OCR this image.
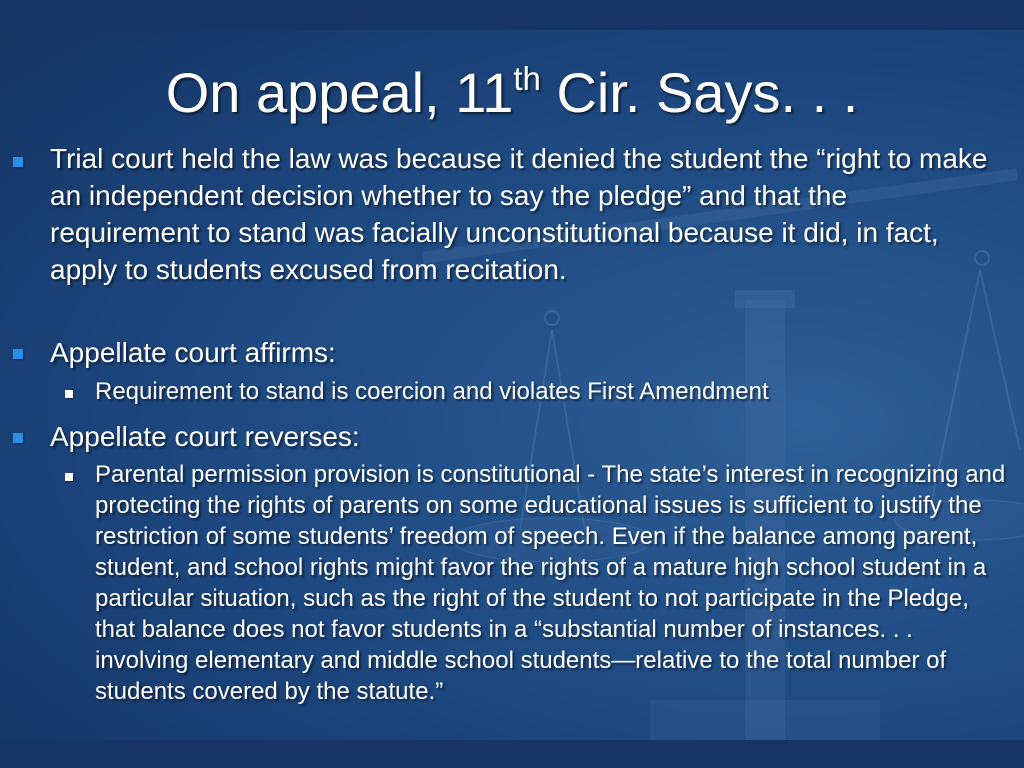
On appeal, 11th Cir. Says. . .
Trial court held the law was because it denied the student the “right to make an independent decision whether to say the pledge” and that the requirement to stand was facially unconstitutional because it did, in fact, apply to students excused from recitation.
Appellate court affirms:
Requirement to stand is coercion and violates First Amendment
Appellate court reverses:
Parental permission provision is constitutional - The state’s interest in recognizing and protecting the rights of parents on some educational issues is sufficient to justify the restriction of some students’ freedom of speech. Even if the balance among parent, student, and school rights might favor the rights of a mature high school student in a particular situation, such as the right of the student to not participate in the Pledge, that balance does not favor students in a “substantial number of instances. . . involving elementary and middle school students—relative to the total number of students covered by the statute.”
